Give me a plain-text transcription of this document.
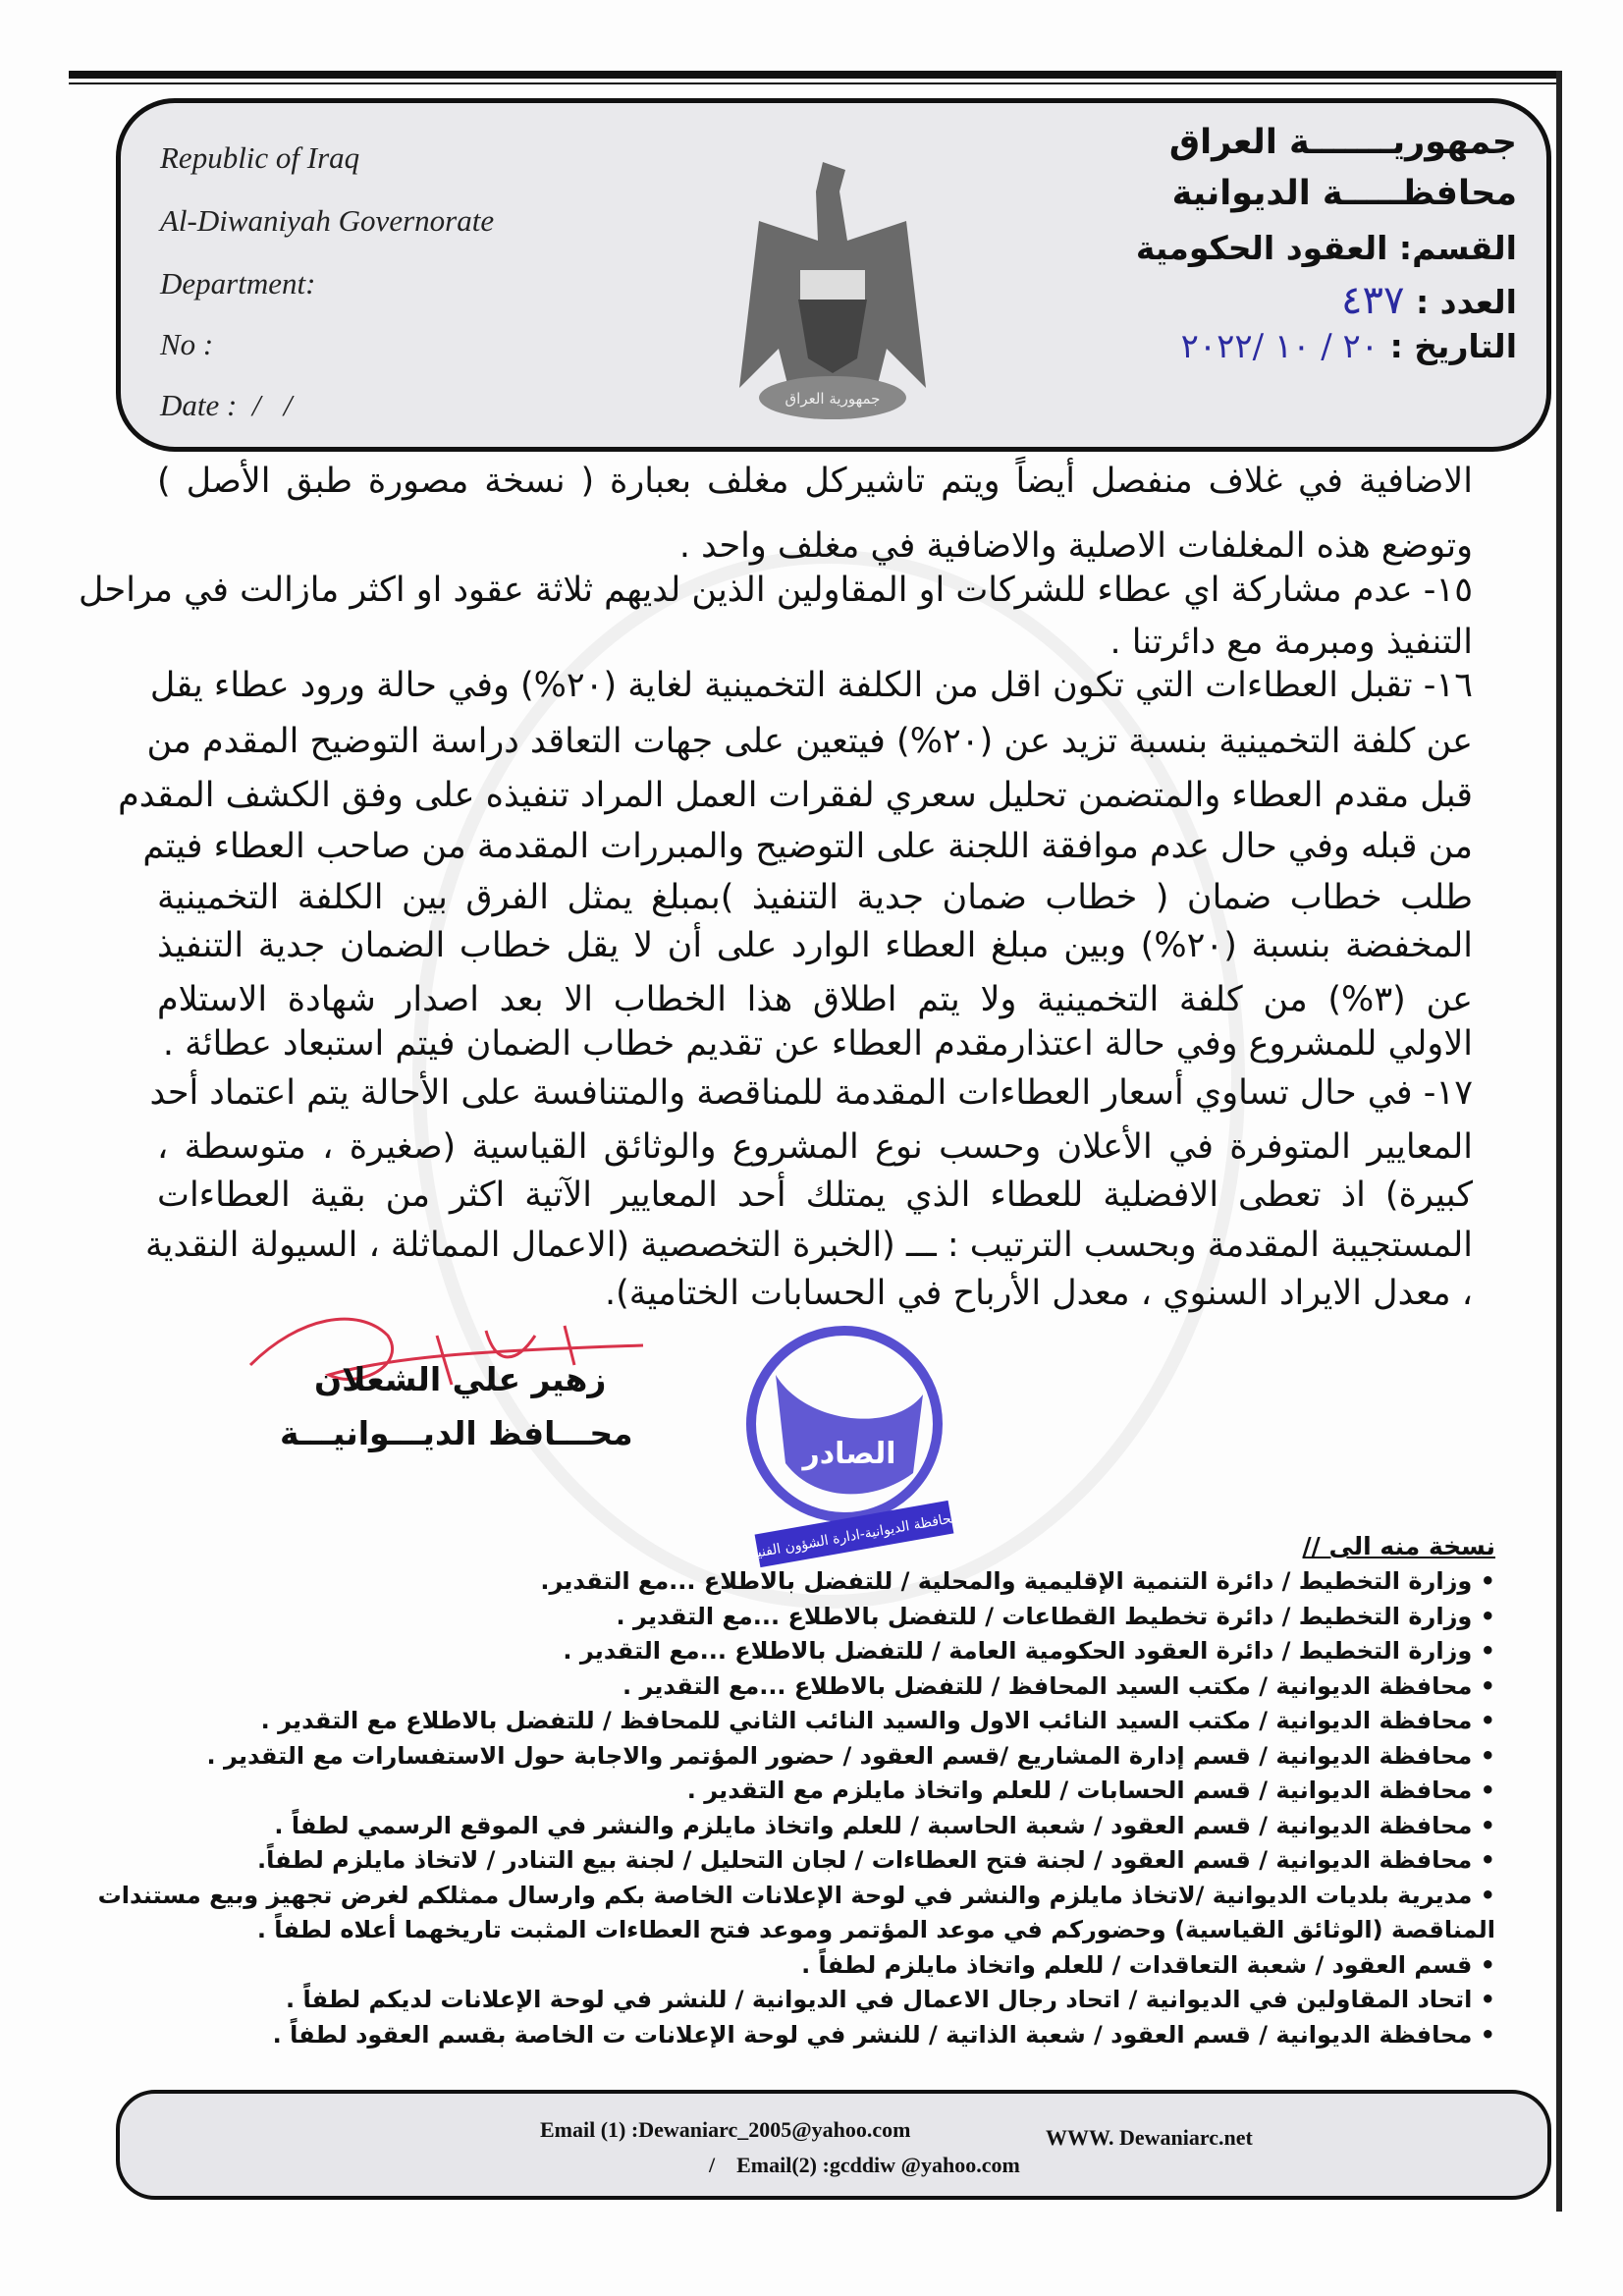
Republic of Iraq
Al-Diwaniyah Governorate
Department:
No :
Date :  /   /	جمهورية العراق
جمهوريـــــــة العراق
محافظـــــة الديوانية
القسم: العقود الحكومية
العدد : ٤٣٧
التاريخ : ٢٠ / ١٠ /٢٠٢٢
الاضافية في غلاف منفصل أيضاً ويتم تاشيركل مغلف بعبارة ( نسخة مصورة طبق الأصل )
وتوضع هذه المغلفات الاصلية والاضافية في مغلف واحد .
١٥- عدم مشاركة اي عطاء للشركات او المقاولين الذين لديهم ثلاثة عقود او اكثر مازالت في مراحل
التنفيذ ومبرمة مع دائرتنا .
١٦- تقبل العطاءات التي تكون اقل من الكلفة التخمينية لغاية (٢٠%) وفي حالة ورود عطاء يقل
عن كلفة التخمينية بنسبة تزيد عن (٢٠%) فيتعين على جهات التعاقد دراسة التوضيح المقدم من
قبل مقدم العطاء والمتضمن تحليل سعري لفقرات العمل المراد تنفيذه على وفق الكشف المقدم
من قبله وفي حال عدم موافقة اللجنة على التوضيح والمبررات المقدمة من صاحب العطاء فيتم
طلب خطاب ضمان ( خطاب ضمان جدية التنفيذ )بمبلغ يمثل الفرق بين الكلفة التخمينية
المخفضة بنسبة (٢٠%) وبين مبلغ العطاء الوارد على أن لا يقل خطاب الضمان جدية التنفيذ
عن (٣%) من كلفة التخمينية ولا يتم اطلاق هذا الخطاب الا بعد اصدار شهادة الاستلام
الاولي للمشروع وفي حالة اعتذارمقدم العطاء عن تقديم خطاب الضمان فيتم استبعاد عطائة .
١٧- في حال تساوي أسعار العطاءات المقدمة للمناقصة والمتنافسة على الأحالة يتم اعتماد أحد
المعايير المتوفرة في الأعلان وحسب نوع المشروع والوثائق القياسية (صغيرة ، متوسطة ،
كبيرة) اذ تعطى الافضلية للعطاء الذي يمتلك أحد المعايير الآتية اكثر من بقية العطاءات
المستجيبة المقدمة وبحسب الترتيب : ـــ (الخبرة التخصصية (الاعمال المماثلة ، السيولة النقدية
، معدل الايراد السنوي ، معدل الأرباح في الحسابات الختامية).
زهير علي الشعلان
محـــافظ الديـــوانيـــة
الصادر
محافظة الديوانية-ادارة الشؤون الفنية	نسخة منه الى //
• وزارة التخطيط / دائرة التنمية الإقليمية والمحلية / للتفضل بالاطلاع ...مع التقدير.
• وزارة التخطيط / دائرة تخطيط القطاعات / للتفضل بالاطلاع ...مع التقدير .
• وزارة التخطيط / دائرة العقود الحكومية العامة / للتفضل بالاطلاع ...مع التقدير .
• محافظة الديوانية / مكتب السيد المحافظ / للتفضل بالاطلاع ...مع التقدير .
• محافظة الديوانية / مكتب السيد النائب الاول والسيد النائب الثاني للمحافظ / للتفضل بالاطلاع مع التقدير .
• محافظة الديوانية / قسم إدارة المشاريع /قسم العقود / حضور المؤتمر والاجابة حول الاستفسارات مع التقدير .
• محافظة الديوانية / قسم الحسابات / للعلم واتخاذ مايلزم مع التقدير .
• محافظة الديوانية / قسم العقود / شعبة الحاسبة / للعلم واتخاذ مايلزم والنشر في الموقع الرسمي لطفاً .
• محافظة الديوانية / قسم العقود / لجنة فتح العطاءات / لجان التحليل / لجنة بيع التنادر / لاتخاذ مايلزم لطفاً.
• مديرية بلديات الديوانية /لاتخاذ مايلزم والنشر في لوحة الإعلانات الخاصة بكم وارسال ممثلكم لغرض تجهيز وبيع مستندات
المناقصة (الوثائق القياسية) وحضوركم في موعد المؤتمر وموعد فتح العطاءات المثبت تاريخهما أعلاه لطفاً .
• قسم العقود / شعبة التعاقدات / للعلم واتخاذ مايلزم لطفاً .
• اتحاد المقاولين في الديوانية / اتحاد رجال الاعمال في الديوانية / للنشر في لوحة الإعلانات لديكم لطفاً .
• محافظة الديوانية / قسم العقود / شعبة الذاتية / للنشر في لوحة الإعلانات ت الخاصة بقسم العقود لطفاً .
Email (1) :Dewaniarc_2005@yahoo.com	WWW. Dewaniarc.net
/    Email(2) :gcddiw @yahoo.com
